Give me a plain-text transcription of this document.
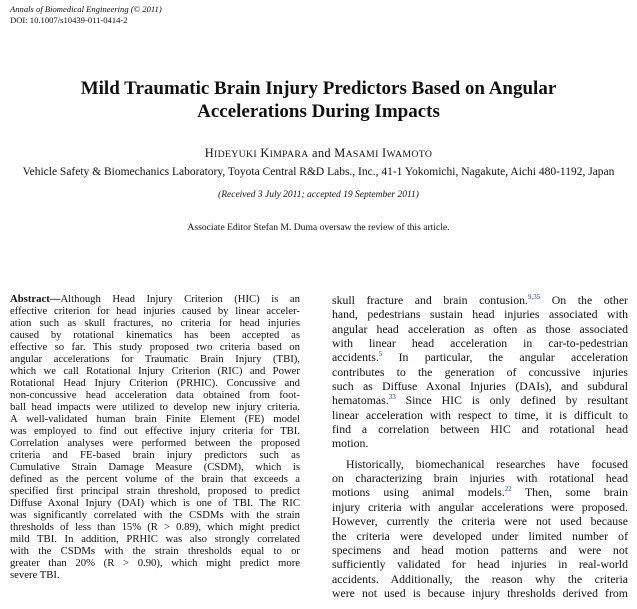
Annals of Biomedical Engineering (© 2011)
DOI: 10.1007/s10439-011-0414-2
Mild Traumatic Brain Injury Predictors Based on Angular
Accelerations During Impacts
HIDEYUKI KIMPARA and MASAMI IWAMOTO
Vehicle Safety & Biomechanics Laboratory, Toyota Central R&D Labs., Inc., 41-1 Yokomichi, Nagakute, Aichi 480-1192, Japan
(Received 3 July 2011; accepted 19 September 2011)
Associate Editor Stefan M. Duma oversaw the review of this article.
Abstract—Although Head Injury Criterion (HIC) is an
effective criterion for head injuries caused by linear acceler-
ation such as skull fractures, no criteria for head injuries
caused by rotational kinematics has been accepted as
effective so far. This study proposed two criteria based on
angular accelerations for Traumatic Brain Injury (TBI),
which we call Rotational Injury Criterion (RIC) and Power
Rotational Head Injury Criterion (PRHIC). Concussive and
non-concussive head acceleration data obtained from foot-
ball head impacts were utilized to develop new injury criteria.
A well-validated human brain Finite Element (FE) model
was employed to find out effective injury criteria for TBI.
Correlation analyses were performed between the proposed
criteria and FE-based brain injury predictors such as
Cumulative Strain Damage Measure (CSDM), which is
defined as the percent volume of the brain that exceeds a
specified first principal strain threshold, proposed to predict
Diffuse Axonal Injury (DAI) which is one of TBI. The RIC
was significantly correlated with the CSDMs with the strain
thresholds of less than 15% (R > 0.89), which might predict
mild TBI. In addition, PRHIC was also strongly correlated
with the CSDMs with the strain thresholds equal to or
greater than 20% (R > 0.90), which might predict more
severe TBI.
skull fracture and brain contusion.$^{9,35}$ On the other
hand, pedestrians sustain head injuries associated with
angular head acceleration as often as those associated
with linear head acceleration in car-to-pedestrian
accidents.$^5$ In particular, the angular acceleration
contributes to the generation of concussive injuries
such as Diffuse Axonal Injuries (DAIs), and subdural
hematomas.$^{33}$ Since HIC is only defined by resultant
linear acceleration with respect to time, it is difficult to
find a correlation between HIC and rotational head
motion.
Historically, biomechanical researches have focused
on characterizing brain injuries with rotational head
motions using animal models.$^{22}$ Then, some brain
injury criteria with angular accelerations were proposed.
However, currently the criteria were not used because
the criteria were developed under limited number of
specimens and head motion patterns and were not
sufficiently validated for head injuries in real-world
accidents. Additionally, the reason why the criteria
were not used is because injury thresholds derived from
